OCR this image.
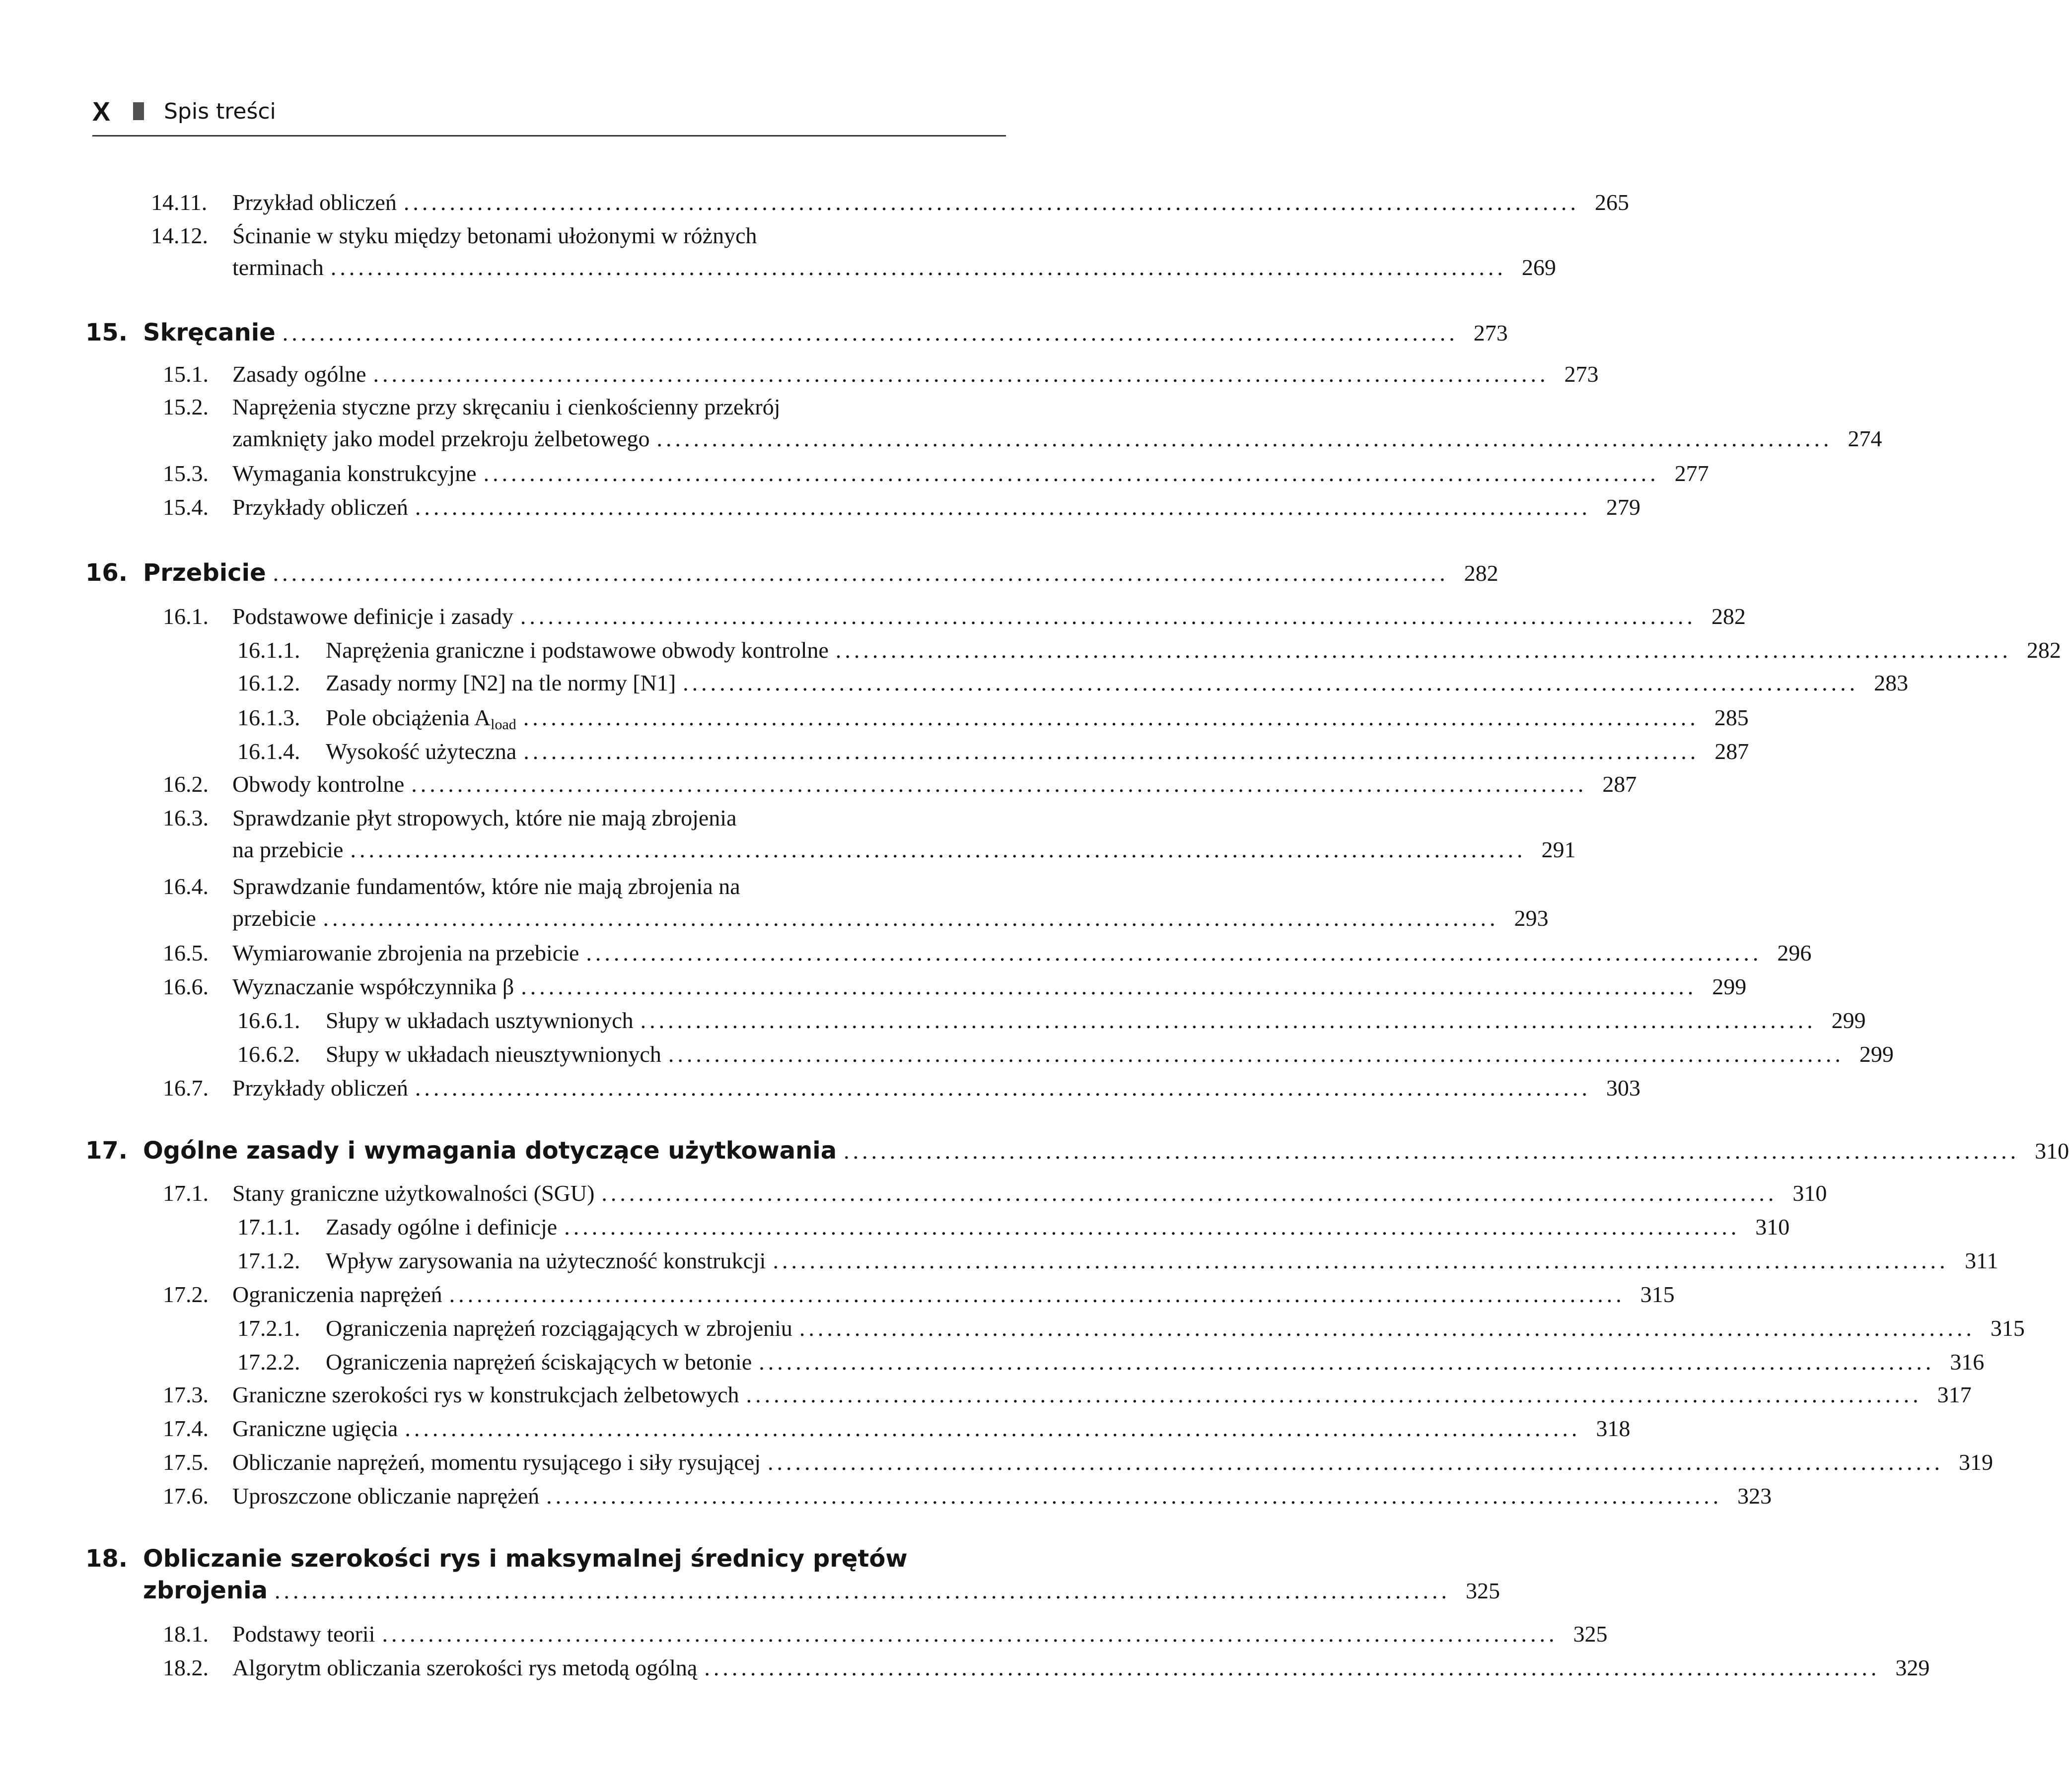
X Spis treści
14.11. Przykład obliczeń ................................................................................................................................ 265
14.12. Ścinanie w styku między betonami ułożonymi w różnych
terminach ................................................................................................................................ 269
15. Skręcanie ................................................................................................................................ 273
15.1. Zasady ogólne ................................................................................................................................ 273
15.2. Naprężenia styczne przy skręcaniu i cienkościenny przekrój
zamknięty jako model przekroju żelbetowego ................................................................................................................................ 274
15.3. Wymagania konstrukcyjne ................................................................................................................................ 277
15.4. Przykłady obliczeń ................................................................................................................................ 279
16. Przebicie ................................................................................................................................ 282
16.1. Podstawowe definicje i zasady ................................................................................................................................ 282
16.1.1. Naprężenia graniczne i podstawowe obwody kontrolne ................................................................................................................................ 282
16.1.2. Zasady normy [N2] na tle normy [N1] ................................................................................................................................ 283
16.1.3. Pole obciążenia Aload ................................................................................................................................ 285
16.1.4. Wysokość użyteczna ................................................................................................................................ 287
16.2. Obwody kontrolne ................................................................................................................................ 287
16.3. Sprawdzanie płyt stropowych, które nie mają zbrojenia
na przebicie ................................................................................................................................ 291
16.4. Sprawdzanie fundamentów, które nie mają zbrojenia na
przebicie ................................................................................................................................ 293
16.5. Wymiarowanie zbrojenia na przebicie ................................................................................................................................ 296
16.6. Wyznaczanie współczynnika β ................................................................................................................................ 299
16.6.1. Słupy w układach usztywnionych ................................................................................................................................ 299
16.6.2. Słupy w układach nieusztywnionych ................................................................................................................................ 299
16.7. Przykłady obliczeń ................................................................................................................................ 303
17. Ogólne zasady i wymagania dotyczące użytkowania ................................................................................................................................ 310
17.1. Stany graniczne użytkowalności (SGU) ................................................................................................................................ 310
17.1.1. Zasady ogólne i definicje ................................................................................................................................ 310
17.1.2. Wpływ zarysowania na użyteczność konstrukcji ................................................................................................................................ 311
17.2. Ograniczenia naprężeń ................................................................................................................................ 315
17.2.1. Ograniczenia naprężeń rozciągających w zbrojeniu ................................................................................................................................ 315
17.2.2. Ograniczenia naprężeń ściskających w betonie ................................................................................................................................ 316
17.3. Graniczne szerokości rys w konstrukcjach żelbetowych ................................................................................................................................ 317
17.4. Graniczne ugięcia ................................................................................................................................ 318
17.5. Obliczanie naprężeń, momentu rysującego i siły rysującej ................................................................................................................................ 319
17.6. Uproszczone obliczanie naprężeń ................................................................................................................................ 323
18. Obliczanie szerokości rys i maksymalnej średnicy prętów
zbrojenia ................................................................................................................................ 325
18.1. Podstawy teorii ................................................................................................................................ 325
18.2. Algorytm obliczania szerokości rys metodą ogólną ................................................................................................................................ 329
